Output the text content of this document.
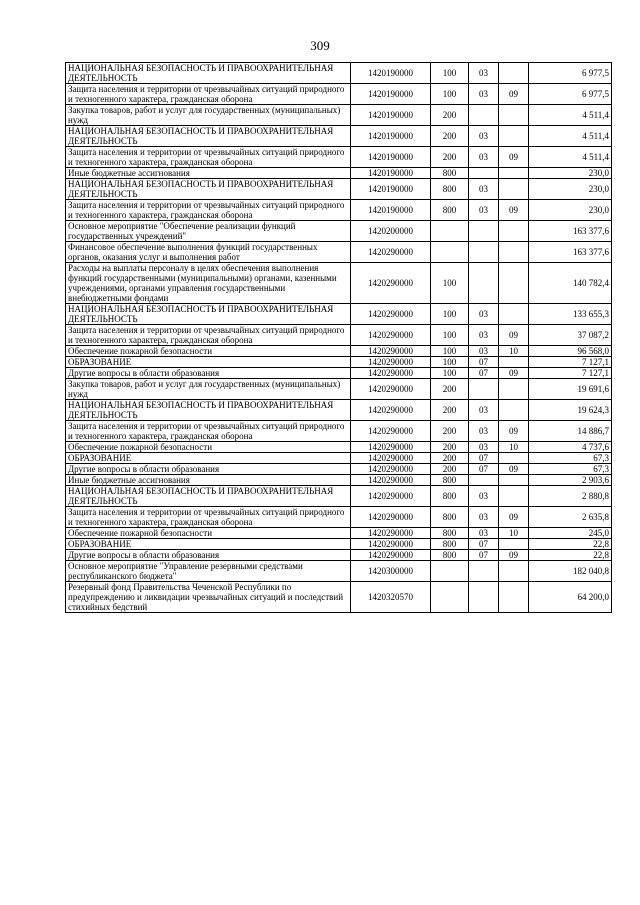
309
НАЦИОНАЛЬНАЯ БЕЗОПАСНОСТЬ И ПРАВООХРАНИТЕЛЬНАЯ ДЕЯТЕЛЬНОСТЬ	1420190000	100	03		6 977,5
Защита населения и территории от чрезвычайных ситуаций природного и техногенного характера, гражданская оборона	1420190000	100	03	09	6 977,5
Закупка товаров, работ и услуг для государственных (муниципальных) нужд	1420190000	200			4 511,4
НАЦИОНАЛЬНАЯ БЕЗОПАСНОСТЬ И ПРАВООХРАНИТЕЛЬНАЯ ДЕЯТЕЛЬНОСТЬ	1420190000	200	03		4 511,4
Защита населения и территории от чрезвычайных ситуаций природного и техногенного характера, гражданская оборона	1420190000	200	03	09	4 511,4
Иные бюджетные ассигнования	1420190000	800			230,0
НАЦИОНАЛЬНАЯ БЕЗОПАСНОСТЬ И ПРАВООХРАНИТЕЛЬНАЯ ДЕЯТЕЛЬНОСТЬ	1420190000	800	03		230,0
Защита населения и территории от чрезвычайных ситуаций природного и техногенного характера, гражданская оборона	1420190000	800	03	09	230,0
Основное мероприятие "Обеспечение реализации функций государственных учреждений"	1420200000				163 377,6
Финансовое обеспечение выполнения функций государственных органов, оказания услуг и выполнения работ	1420290000				163 377,6
Расходы на выплаты персоналу в целях обеспечения выполнения функций государственными (муниципальными) органами, казенными учреждениями, органами управления государственными внебюджетными фондами	1420290000	100			140 782,4
НАЦИОНАЛЬНАЯ БЕЗОПАСНОСТЬ И ПРАВООХРАНИТЕЛЬНАЯ ДЕЯТЕЛЬНОСТЬ	1420290000	100	03		133 655,3
Защита населения и территории от чрезвычайных ситуаций природного и техногенного характера, гражданская оборона	1420290000	100	03	09	37 087,2
Обеспечение пожарной безопасности	1420290000	100	03	10	96 568,0
ОБРАЗОВАНИЕ	1420290000	100	07		7 127,1
Другие вопросы в области образования	1420290000	100	07	09	7 127,1
Закупка товаров, работ и услуг для государственных (муниципальных) нужд	1420290000	200			19 691,6
НАЦИОНАЛЬНАЯ БЕЗОПАСНОСТЬ И ПРАВООХРАНИТЕЛЬНАЯ ДЕЯТЕЛЬНОСТЬ	1420290000	200	03		19 624,3
Защита населения и территории от чрезвычайных ситуаций природного и техногенного характера, гражданская оборона	1420290000	200	03	09	14 886,7
Обеспечение пожарной безопасности	1420290000	200	03	10	4 737,6
ОБРАЗОВАНИЕ	1420290000	200	07		67,3
Другие вопросы в области образования	1420290000	200	07	09	67,3
Иные бюджетные ассигнования	1420290000	800			2 903,6
НАЦИОНАЛЬНАЯ БЕЗОПАСНОСТЬ И ПРАВООХРАНИТЕЛЬНАЯ ДЕЯТЕЛЬНОСТЬ	1420290000	800	03		2 880,8
Защита населения и территории от чрезвычайных ситуаций природного и техногенного характера, гражданская оборона	1420290000	800	03	09	2 635,8
Обеспечение пожарной безопасности	1420290000	800	03	10	245,0
ОБРАЗОВАНИЕ	1420290000	800	07		22,8
Другие вопросы в области образования	1420290000	800	07	09	22,8
Основное мероприятие "Управление резервными средствами республиканского бюджета"	1420300000				182 040,8
Резервный фонд Правительства Чеченской Республики по предупреждению и ликвидации чрезвычайных ситуаций и последствий стихийных бедствий	1420320570				64 200,0
